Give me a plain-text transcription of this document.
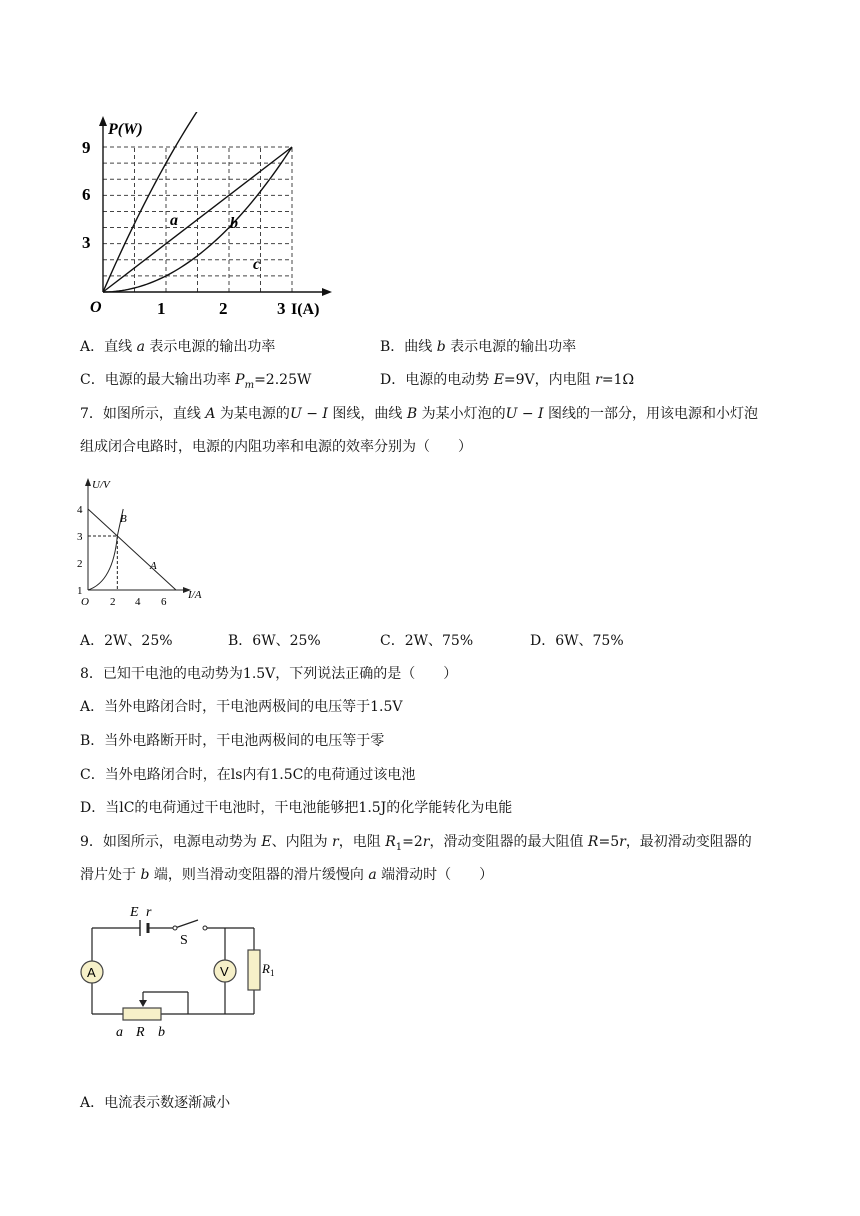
P(W)
I(A)
O
3
6
9
1	2	3
a	b
c
A．直线 a 表示电源的输出功率	B．曲线 b 表示电源的输出功率
C．电源的最大输出功率 $P_m=2.25W$	D．电源的电动势 E=9V，内电阻 r=1Ω
7．如图所示，直线 A 为某电源的U − I 图线，曲线 B 为某小灯泡的U − I 图线的一部分，用该电源和小灯泡
组成闭合电路时，电源的内阻功率和电源的效率分别为（　　）
U/V
I/A
O
1
2
3
4
2 4 6
A
B
A．2W、25%	B．6W、25%	C．2W、75%	D．6W、75%
8．已知干电池的电动势为1.5V，下列说法正确的是（　　）
A．当外电路闭合时，干电池两极间的电压等于1.5V
B．当外电路断开时，干电池两极间的电压等于零
C．当外电路闭合时，在ls内有1.5C的电荷通过该电池
D．当lC的电荷通过干电池时，干电池能够把1.5J的化学能转化为电能
9．如图所示，电源电动势为 E、内阻为 r，电阻 $R_1=2r$，滑动变阻器的最大阻值 R=5r，最初滑动变阻器的
滑片处于 b 端，则当滑动变阻器的滑片缓慢向 a 端滑动时（　　）
A	V
E r
S
$R_1$
a R b
A．电流表示数逐渐减小
